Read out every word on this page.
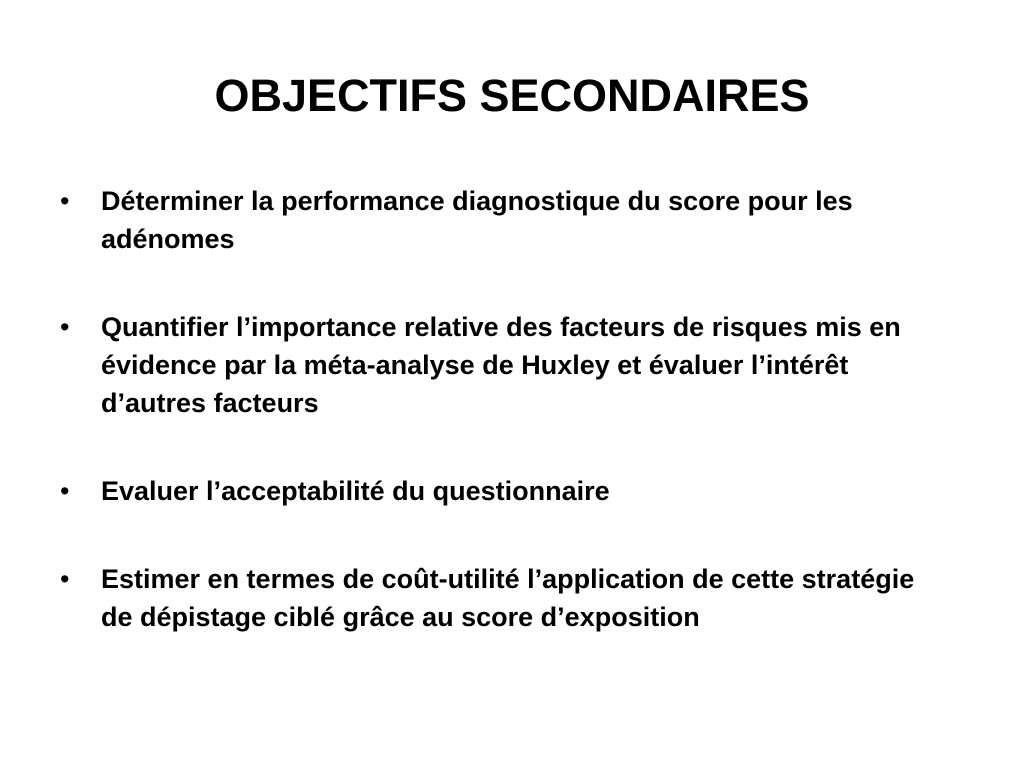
OBJECTIFS SECONDAIRES
•	Déterminer la performance diagnostique du score pour les adénomes
•	Quantifier l’importance relative des facteurs de risques mis en évidence par la méta-analyse de Huxley et évaluer l’intérêt d’autres facteurs
•	Evaluer l’acceptabilité du questionnaire
•	Estimer en termes de coût-utilité l’application de cette stratégie de dépistage ciblé grâce au score d’exposition
